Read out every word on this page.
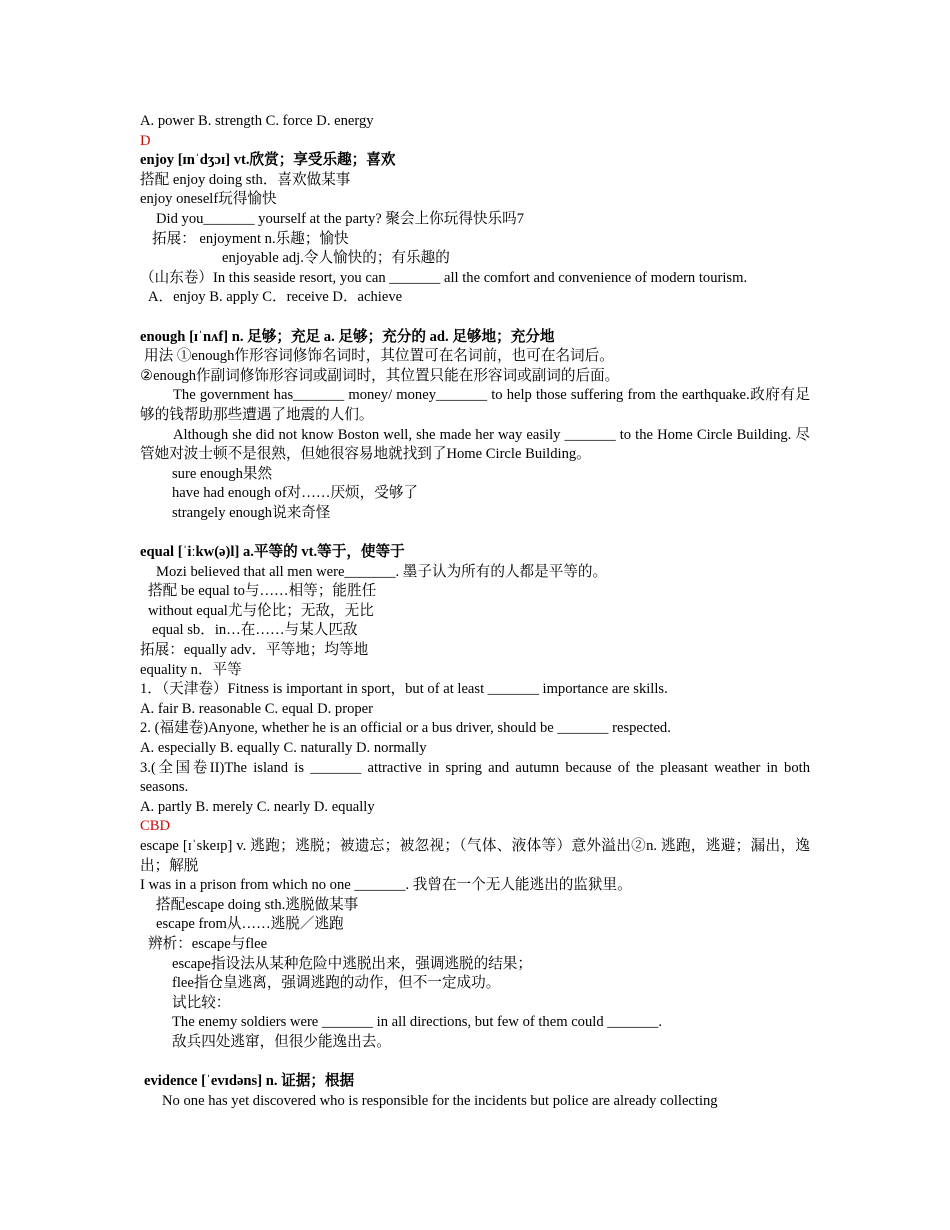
A. power B. strength C. force D. energy
D
enjoy [ɪnˈdʒɔɪ] vt.欣赏；享受乐趣；喜欢
搭配 enjoy doing sth．喜欢做某事
enjoy oneself玩得愉快
Did you_______ yourself at the party? 聚会上你玩得快乐吗7
拓展： enjoyment n.乐趣；愉快
enjoyable adj.令人愉快的；有乐趣的
（山东卷）In this seaside resort, you can _______ all the comfort and convenience of modern tourism.
A．enjoy B. apply C．receive D．achieve
enough [ɪˈnʌf] n. 足够；充足 a. 足够；充分的 ad. 足够地；充分地
用法 ①enough作形容词修饰名词时，其位置可在名词前，也可在名词后。
②enough作副词修饰形容词或副词时，其位置只能在形容词或副词的后面。
The government has_______ money/ money_______ to help those suffering from the earthquake.政府有足够的钱帮助那些遭遇了地震的人们。
Although she did not know Boston well, she made her way easily _______ to the Home Circle Building. 尽管她对波士顿不是很熟，但她很容易地就找到了Home Circle Building。
sure enough果然
have had enough of对……厌烦，受够了
strangely enough说来奇怪
equal [ˈiːkw(ə)l] a.平等的 vt.等于，使等于
Mozi believed that all men were_______. 墨子认为所有的人都是平等的。
搭配 be equal to与……相等；能胜任
without equal尤与伦比；无敌，无比
equal sb．in…在……与某人匹敌
拓展：equally adv．平等地；均等地
equality n．平等
1．（天津卷）Fitness is important in sport，but of at least _______ importance are skills.
A. fair B. reasonable C. equal D. proper
2. (福建卷)Anyone, whether he is an official or a bus driver, should be _______ respected.
A. especially B. equally C. naturally D. normally
3.(全国卷II)The island is _______ attractive in spring and autumn because of the pleasant weather in both seasons.
A. partly B. merely C. nearly D. equally
CBD
escape [ɪˈskeɪp] v. 逃跑；逃脱；被遗忘；被忽视；（气体、液体等）意外溢出②n. 逃跑，逃避；漏出，逸出；解脱
I was in a prison from which no one _______. 我曾在一个无人能逃出的监狱里。
搭配escape doing sth.逃脱做某事
escape from从……逃脱／逃跑
辨析：escape与flee
escape指设法从某种危险中逃脱出来，强调逃脱的结果；
flee指仓皇逃离，强调逃跑的动作，但不一定成功。
试比较：
The enemy soldiers were _______ in all directions, but few of them could _______.
敌兵四处逃窜，但很少能逸出去。
evidence [ˈevɪdəns] n. 证据；根据
No one has yet discovered who is responsible for the incidents but police are already collecting
